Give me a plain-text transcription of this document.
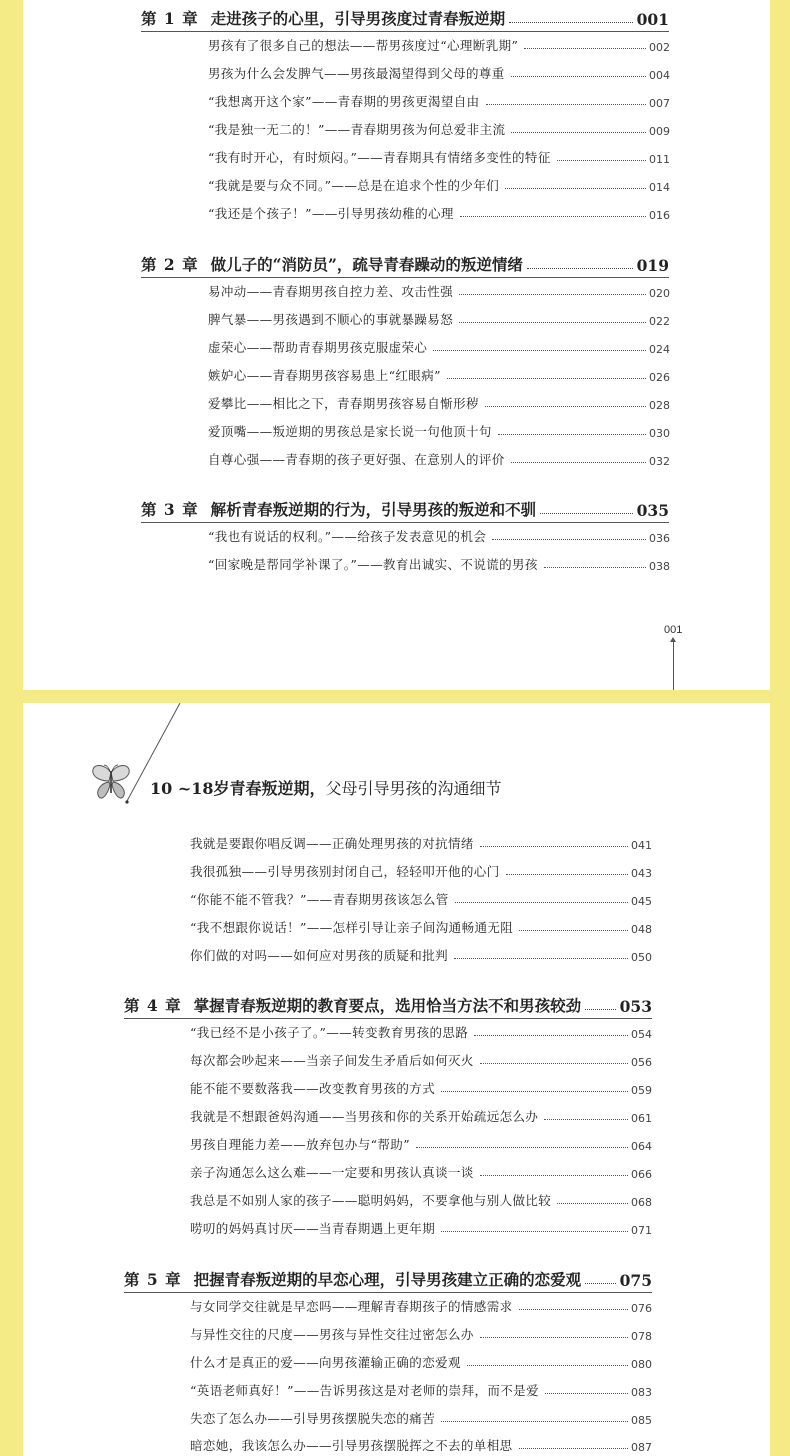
第 1 章 走进孩子的心里，引导男孩度过青春叛逆期	001
男孩有了很多自己的想法——帮男孩度过“心理断乳期”	002
男孩为什么会发脾气——男孩最渴望得到父母的尊重	004
“我想离开这个家”——青春期的男孩更渴望自由	007
“我是独一无二的！”——青春期男孩为何总爱非主流	009
“我有时开心，有时烦闷。”——青春期具有情绪多变性的特征	011
“我就是要与众不同。”——总是在追求个性的少年们	014
“我还是个孩子！”——引导男孩幼稚的心理	016
第 2 章 做儿子的“消防员”，疏导青春躁动的叛逆情绪	019
易冲动——青春期男孩自控力差、攻击性强	020
脾气暴——男孩遇到不顺心的事就暴躁易怒	022
虚荣心——帮助青春期男孩克服虚荣心	024
嫉妒心——青春期男孩容易患上“红眼病”	026
爱攀比——相比之下，青春期男孩容易自惭形秽	028
爱顶嘴——叛逆期的男孩总是家长说一句他顶十句	030
自尊心强——青春期的孩子更好强、在意别人的评价	032
第 3 章 解析青春叛逆期的行为，引导男孩的叛逆和不驯	035
“我也有说话的权利。”——给孩子发表意见的机会	036
“回家晚是帮同学补课了。”——教育出诚实、不说谎的男孩	038
001
10 ~18岁青春叛逆期，父母引导男孩的沟通细节
我就是要跟你唱反调——正确处理男孩的对抗情绪	041
我很孤独——引导男孩别封闭自己，轻轻叩开他的心门	043
“你能不能不管我？”——青春期男孩该怎么管	045
“我不想跟你说话！”——怎样引导让亲子间沟通畅通无阻	048
你们做的对吗——如何应对男孩的质疑和批判	050
第 4 章 掌握青春叛逆期的教育要点，选用恰当方法不和男孩较劲 053
“我已经不是小孩子了。”——转变教育男孩的思路	054
每次都会吵起来——当亲子间发生矛盾后如何灭火	056
能不能不要数落我——改变教育男孩的方式	059
我就是不想跟爸妈沟通——当男孩和你的关系开始疏远怎么办	061
男孩自理能力差——放弃包办与“帮助”	064
亲子沟通怎么这么难——一定要和男孩认真谈一谈	066
我总是不如别人家的孩子——聪明妈妈，不要拿他与别人做比较	068
唠叨的妈妈真讨厌——当青春期遇上更年期	071
第 5 章 把握青春叛逆期的早恋心理，引导男孩建立正确的恋爱观 075
与女同学交往就是早恋吗——理解青春期孩子的情感需求	076
与异性交往的尺度——男孩与异性交往过密怎么办	078
什么才是真正的爱——向男孩灌输正确的恋爱观	080
“英语老师真好！”——告诉男孩这是对老师的崇拜，而不是爱	083
失恋了怎么办——引导男孩摆脱失恋的痛苦	085
暗恋她，我该怎么办——引导男孩摆脱挥之不去的单相思	087
